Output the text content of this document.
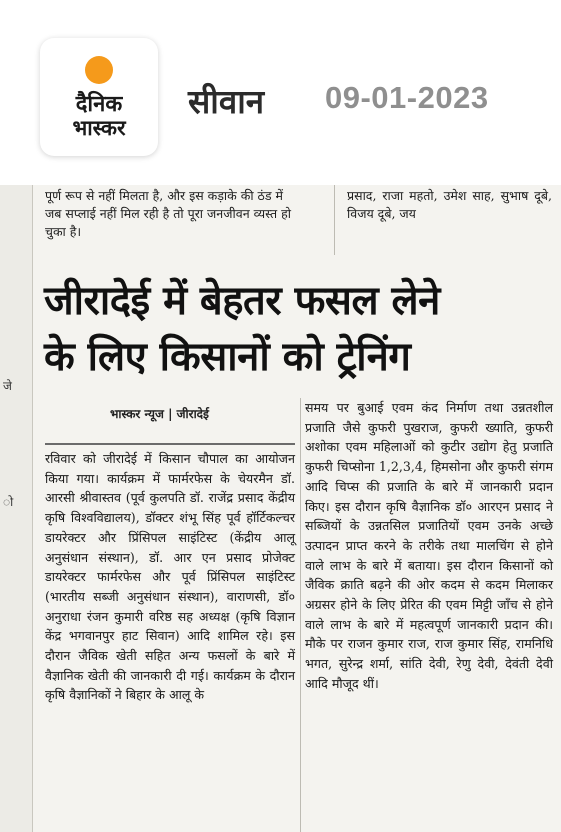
दैनिक
भास्कर
सीवान 09-01-2023
जे
ो
पूर्ण रूप से नहीं मिलता है, और इस कड़ाके की ठंड में जब सप्लाई नहीं मिल रही है तो पूरा जनजीवन व्यस्त हो चुका है।
प्रसाद, राजा महतो, उमेश साह, सुभाष दूबे, विजय दूबे, जय
जीरादेई में बेहतर फसल लेने
के लिए किसानों को ट्रेनिंग
भास्कर न्यूज | जीरादेई
रविवार को जीरादेई में किसान चौपाल का आयोजन किया गया। कार्यक्रम में फार्मरफेस के चेयरमैन डॉ. आरसी श्रीवास्तव (पूर्व कुलपति डॉ. राजेंद्र प्रसाद केंद्रीय कृषि विश्वविद्यालय), डॉक्टर शंभू सिंह पूर्व हॉर्टिकल्चर डायरेक्टर और प्रिंसिपल साइंटिस्ट (केंद्रीय आलू अनुसंधान संस्थान), डॉ. आर एन प्रसाद प्रोजेक्ट डायरेक्टर फार्मरफेस और पूर्व प्रिंसिपल साइंटिस्ट (भारतीय सब्जी अनुसंधान संस्थान), वाराणसी, डॉ० अनुराधा रंजन कुमारी वरिष्ठ सह अध्यक्ष (कृषि विज्ञान केंद्र भगवानपुर हाट सिवान) आदि शामिल रहे। इस दौरान जैविक खेती सहित अन्य फसलों के बारे में वैज्ञानिक खेती की जानकारी दी गई। कार्यक्रम के दौरान कृषि वैज्ञानिकों ने बिहार के आलू के
समय पर बुआई एवम कंद निर्माण तथा उन्नतशील प्रजाति जैसे कुफरी पुखराज, कुफरी ख्याति, कुफरी अशोका एवम महिलाओं को कुटीर उद्योग हेतु प्रजाति कुफरी चिप्सोना 1,2,3,4, हिमसोना और कुफरी संगम आदि चिप्स की प्रजाति के बारे में जानकारी प्रदान किए। इस दौरान कृषि वैज्ञानिक डॉ० आरएन प्रसाद ने सब्जियों के उन्नतसिल प्रजातियों एवम उनके अच्छे उत्पादन प्राप्त करने के तरीके तथा मालचिंग से होने वाले लाभ के बारे में बताया। इस दौरान किसानों को जैविक क्राति बढ़ने की ओर कदम से कदम मिलाकर अग्रसर होने के लिए प्रेरित की एवम मिट्टी जाँच से होने वाले लाभ के बारे में महत्वपूर्ण जानकारी प्रदान की।मौके पर राजन कुमार राज, राज कुमार सिंह, रामनिधि भगत, सुरेन्द्र शर्मा, सांति देवी, रेणु देवी, देवंती देवी आदि मौजूद थीं।
